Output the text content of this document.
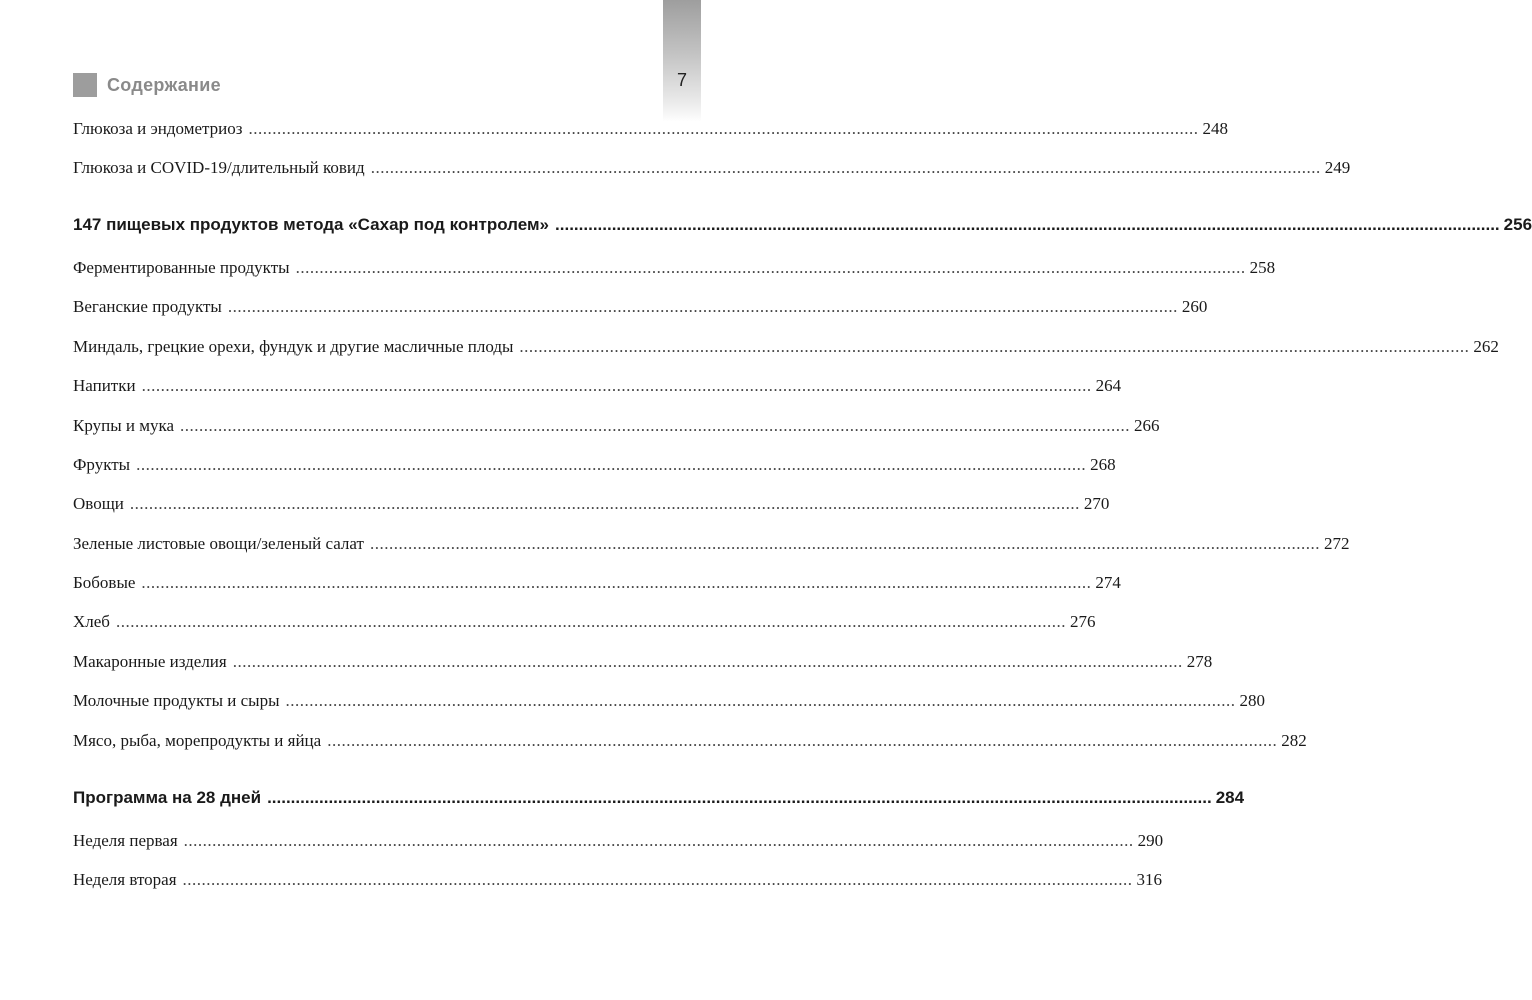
7
Содержание
Глюкоза и эндометриоз ........................................................................................................................................................................................................ 248
Глюкоза и COVID-19/длительный ковид ........................................................................................................................................................................................................ 249
147 пищевых продуктов метода «Сахар под контролем» ........................................................................................................................................................................................................ 256
Ферментированные продукты ........................................................................................................................................................................................................ 258
Веганские продукты ........................................................................................................................................................................................................ 260
Миндаль, грецкие орехи, фундук и другие масличные плоды ........................................................................................................................................................................................................ 262
Напитки ........................................................................................................................................................................................................ 264
Крупы и мука ........................................................................................................................................................................................................ 266
Фрукты ........................................................................................................................................................................................................ 268
Овощи ........................................................................................................................................................................................................ 270
Зеленые листовые овощи/зеленый салат ........................................................................................................................................................................................................ 272
Бобовые ........................................................................................................................................................................................................ 274
Хлеб ........................................................................................................................................................................................................ 276
Макаронные изделия ........................................................................................................................................................................................................ 278
Молочные продукты и сыры ........................................................................................................................................................................................................ 280
Мясо, рыба, морепродукты и яйца ........................................................................................................................................................................................................ 282
Программа на 28 дней ........................................................................................................................................................................................................ 284
Неделя первая ........................................................................................................................................................................................................ 290
Неделя вторая ........................................................................................................................................................................................................ 316
